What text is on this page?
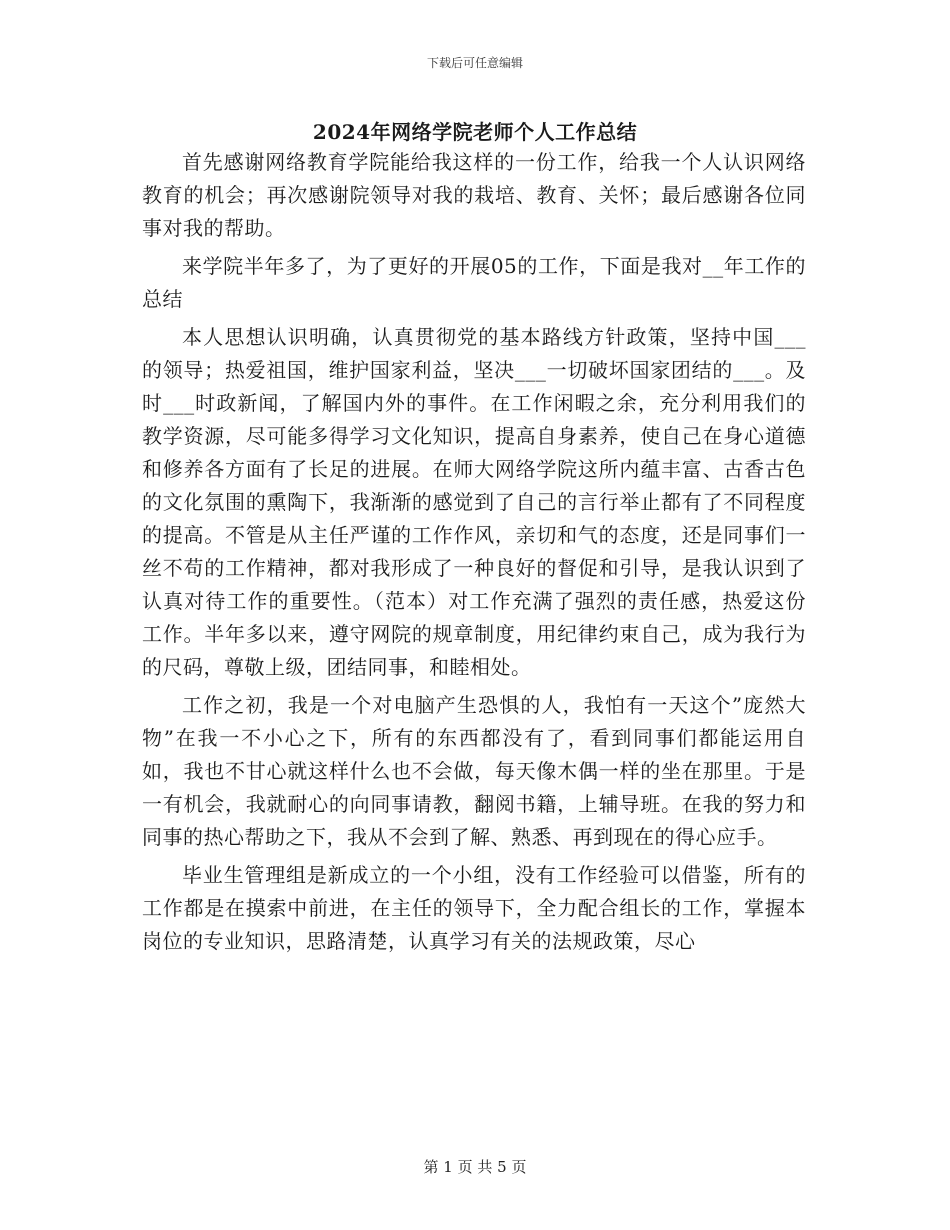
下载后可任意编辑
2024年网络学院老师个人工作总结

首先感谢网络教育学院能给我这样的一份工作，给我一个人认识网络教育的机会；再次感谢院领导对我的栽培、教育、关怀；最后感谢各位同事对我的帮助。

来学院半年多了，为了更好的开展05的工作，下面是我对__年工作的总结

本人思想认识明确，认真贯彻党的基本路线方针政策，坚持中国___的领导；热爱祖国，维护国家利益，坚决___一切破坏国家团结的___。及时___时政新闻，了解国内外的事件。在工作闲暇之余，充分利用我们的教学资源，尽可能多得学习文化知识，提高自身素养，使自己在身心道德和修养各方面有了长足的进展。在师大网络学院这所内蕴丰富、古香古色的文化氛围的熏陶下，我渐渐的感觉到了自己的言行举止都有了不同程度的提高。不管是从主任严谨的工作作风，亲切和气的态度，还是同事们一丝不苟的工作精神，都对我形成了一种良好的督促和引导，是我认识到了认真对待工作的重要性。（范本）对工作充满了强烈的责任感，热爱这份工作。半年多以来，遵守网院的规章制度，用纪律约束自己，成为我行为的尺码，尊敬上级，团结同事，和睦相处。

工作之初，我是一个对电脑产生恐惧的人，我怕有一天这个”庞然大物”在我一不小心之下，所有的东西都没有了，看到同事们都能运用自如，我也不甘心就这样什么也不会做，每天像木偶一样的坐在那里。于是一有机会，我就耐心的向同事请教，翻阅书籍，上辅导班。在我的努力和同事的热心帮助之下，我从不会到了解、熟悉、再到现在的得心应手。

毕业生管理组是新成立的一个小组，没有工作经验可以借鉴，所有的工作都是在摸索中前进，在主任的领导下，全力配合组长的工作，掌握本岗位的专业知识，思路清楚，认真学习有关的法规政策，尽心

第 1 页 共 5 页
